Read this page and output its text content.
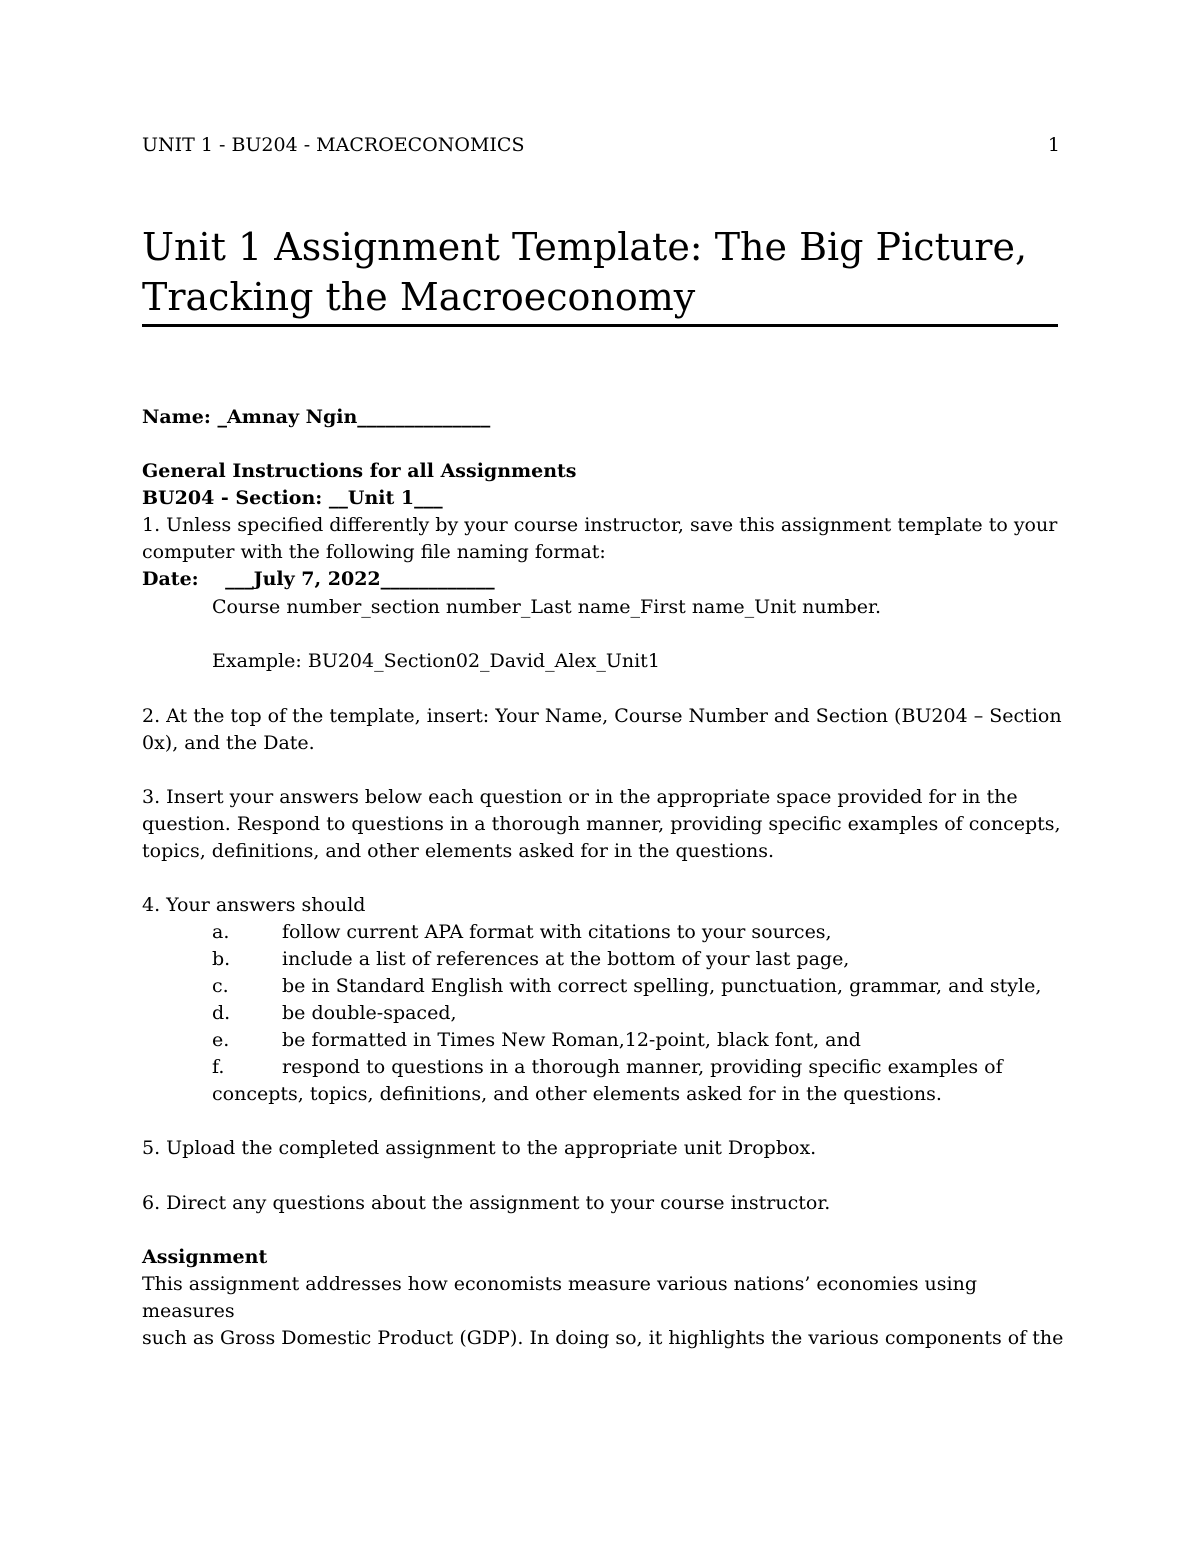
UNIT 1 - BU204 - MACROECONOMICS	1
Unit 1 Assignment Template: The Big Picture,
Tracking the Macroeconomy

Name: _Amnay Ngin______________

BU204 - Section: __Unit 1___

Date:    ___July 7, 2022____________

General Instructions for all Assignments
1. Unless specified differently by your course instructor, save this assignment template to your
computer with the following file naming format:
Course number_section number_Last name_First name_Unit number.
Example: BU204_Section02_David_Alex_Unit1
2. At the top of the template, insert: Your Name, Course Number and Section (BU204 – Section
0x), and the Date.
3. Insert your answers below each question or in the appropriate space provided for in the
question. Respond to questions in a thorough manner, providing specific examples of concepts,
topics, definitions, and other elements asked for in the questions.
4. Your answers should
a.	follow current APA format with citations to your sources,
b.	include a list of references at the bottom of your last page,
c.	be in Standard English with correct spelling, punctuation, grammar, and style,
d.	be double-spaced,
e.	be formatted in Times New Roman,12-point, black font, and
f.	respond to questions in a thorough manner, providing specific examples of
concepts, topics, definitions, and other elements asked for in the questions.
5. Upload the completed assignment to the appropriate unit Dropbox.
6. Direct any questions about the assignment to your course instructor.
Assignment
This assignment addresses how economists measure various nations’ economies using measures
such as Gross Domestic Product (GDP). In doing so, it highlights the various components of the
